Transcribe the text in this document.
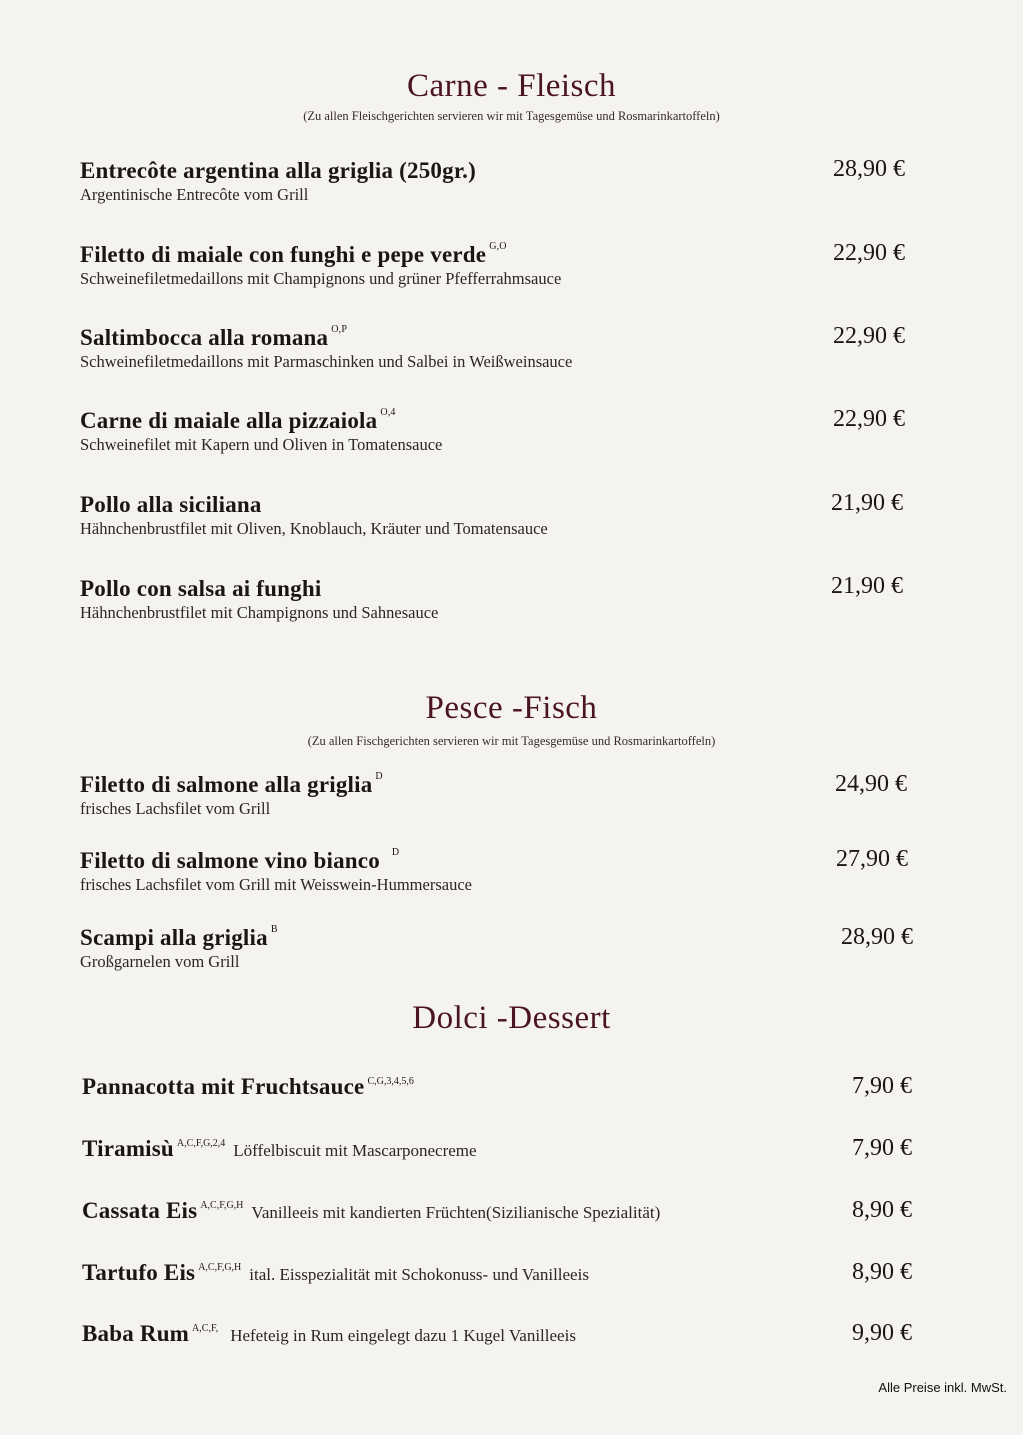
Carne - Fleisch
(Zu allen Fleischgerichten servieren wir mit Tagesgemüse und Rosmarinkartoffeln)
Entrecôte argentina alla griglia (250gr.)
Argentinische Entrecôte vom Grill
28,90 €
Filetto di maiale con funghi e pepe verde $^{G,O}$
Schweinefiletmedaillons mit Champignons und grüner Pfefferrahmsauce
22,90 €
Saltimbocca alla romana $^{O,P}$
Schweinefiletmedaillons mit Parmaschinken und Salbei in Weißweinsauce
22,90 €
Carne di maiale alla pizzaiola $^{O,4}$
Schweinefilet mit Kapern und Oliven in Tomatensauce
22,90 €
Pollo alla siciliana
Hähnchenbrustfilet mit Oliven, Knoblauch, Kräuter und Tomatensauce
21,90 €
Pollo con salsa ai funghi
Hähnchenbrustfilet mit Champignons und Sahnesauce
21,90 €
Pesce -Fisch
(Zu allen Fischgerichten servieren wir mit Tagesgemüse und Rosmarinkartoffeln)
Filetto di salmone alla griglia $^D$
frisches Lachsfilet vom Grill
24,90 €
Filetto di salmone vino bianco $^D$
frisches Lachsfilet vom Grill mit Weisswein-Hummersauce
27,90 €
Scampi alla griglia $^B$
Großgarnelen vom Grill
28,90 €
Dolci -Dessert
Pannacotta mit Fruchtsauce $^{C,G,3,4,5,6}$	7,90 €
Tiramisù $^{A,C,F,G,2,4}$ Löffelbiscuit mit Mascarponecreme	7,90 €
Cassata Eis $^{A,C,F,G,H}$ Vanilleeis mit kandierten Früchten(Sizilianische Spezialität)	8,90 €
Tartufo Eis $^{A,C,F,G,H}$ ital. Eisspezialität mit Schokonuss- und Vanilleeis	8,90 €
Baba Rum $^{A,C,F,}$ Hefeteig in Rum eingelegt dazu 1 Kugel Vanilleeis	9,90 €
Alle Preise inkl. MwSt.
